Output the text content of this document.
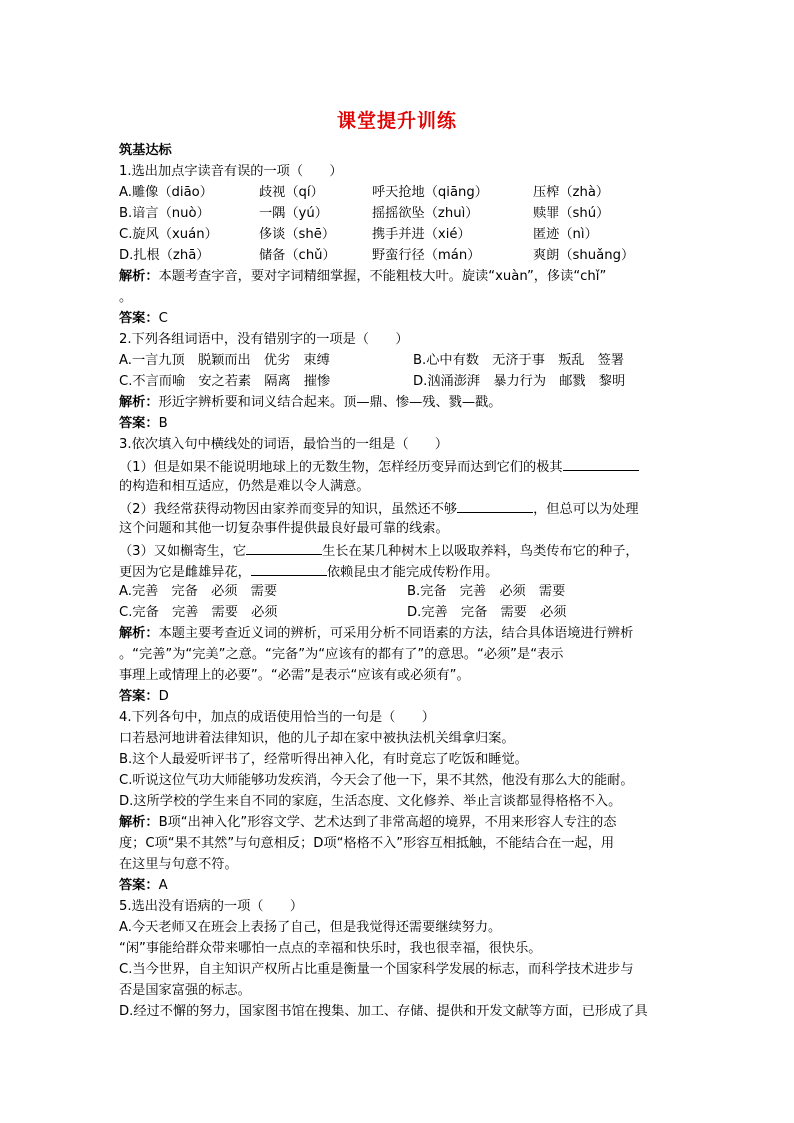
课堂提升训练
筑基达标
1.选出加点字读音有误的一项（　　）
A.雕像（diāo）	歧视（qí）	呼天抢地（qiāng）	压榨（zhà）
B.谙言（nuò）	一隅（yú）	摇摇欲坠（zhuì）	赎罪（shú）
C.旋风（xuán）	侈谈（shē）	携手并进（xié）	匿迹（nì）
D.扎根（zhā）	储备（chǔ）	野蛮行径（mán）	爽朗（shuǎng）
解析：本题考查字音，要对字词精细掌握，不能粗枝大叶。旋读“xuàn”，侈读“chǐ”
。
答案：C
2.下列各组词语中，没有错别字的一项是（　　）
A.一言九顶　脱颖而出　优劣　束缚	B.心中有数　无济于事　叛乱　签署
C.不言而喻　安之若素　隔离　摧惨	D.汹涌澎湃　暴力行为　邮戮　黎明
解析：形近字辨析要和词义结合起来。顶—鼎、惨—残、戮—戳。
答案：B
3.依次填入句中横线处的词语，最恰当的一组是（　　）
（1）但是如果不能说明地球上的无数生物，怎样经历变异而达到它们的极其
的构造和相互适应，仍然是难以令人满意。
（2）我经常获得动物因由家养而变异的知识，虽然还不够	，但总可以为处理
这个问题和其他一切复杂事件提供最良好最可靠的线索。
（3）又如槲寄生，它	生长在某几种树木上以吸取养料，鸟类传布它的种子，
更因为它是雌雄异花，	依赖昆虫才能完成传粉作用。
A.完善　完备　必须　需要	B.完备　完善　必须　需要
C.完备　完善　需要　必须	D.完善　完备　需要　必须
解析：本题主要考查近义词的辨析，可采用分析不同语素的方法，结合具体语境进行辨析
。“完善”为“完美”之意。“完备”为“应该有的都有了”的意思。“必须”是“表示
事理上或情理上的必要”。“必需”是表示“应该有或必须有”。
答案：D
4.下列各句中，加点的成语使用恰当的一句是（　　）
口若悬河地讲着法律知识，他的儿子却在家中被执法机关缉拿归案。
B.这个人最爱听评书了，经常听得出神入化，有时竟忘了吃饭和睡觉。
C.听说这位气功大师能够功发疾消，今天会了他一下，果不其然，他没有那么大的能耐。
D.这所学校的学生来自不同的家庭，生活态度、文化修养、举止言谈都显得格格不入。
解析：B项“出神入化”形容文学、艺术达到了非常高超的境界，不用来形容人专注的态
度；C项“果不其然”与句意相反；D项“格格不入”形容互相抵触，不能结合在一起，用
在这里与句意不符。
答案：A
5.选出没有语病的一项（　　）
A.今天老师又在班会上表扬了自己，但是我觉得还需要继续努力。
“闲”事能给群众带来哪怕一点点的幸福和快乐时，我也很幸福，很快乐。
C.当今世界，自主知识产权所占比重是衡量一个国家科学发展的标志，而科学技术进步与
否是国家富强的标志。
D.经过不懈的努力，国家图书馆在搜集、加工、存储、提供和开发文献等方面，已形成了具
